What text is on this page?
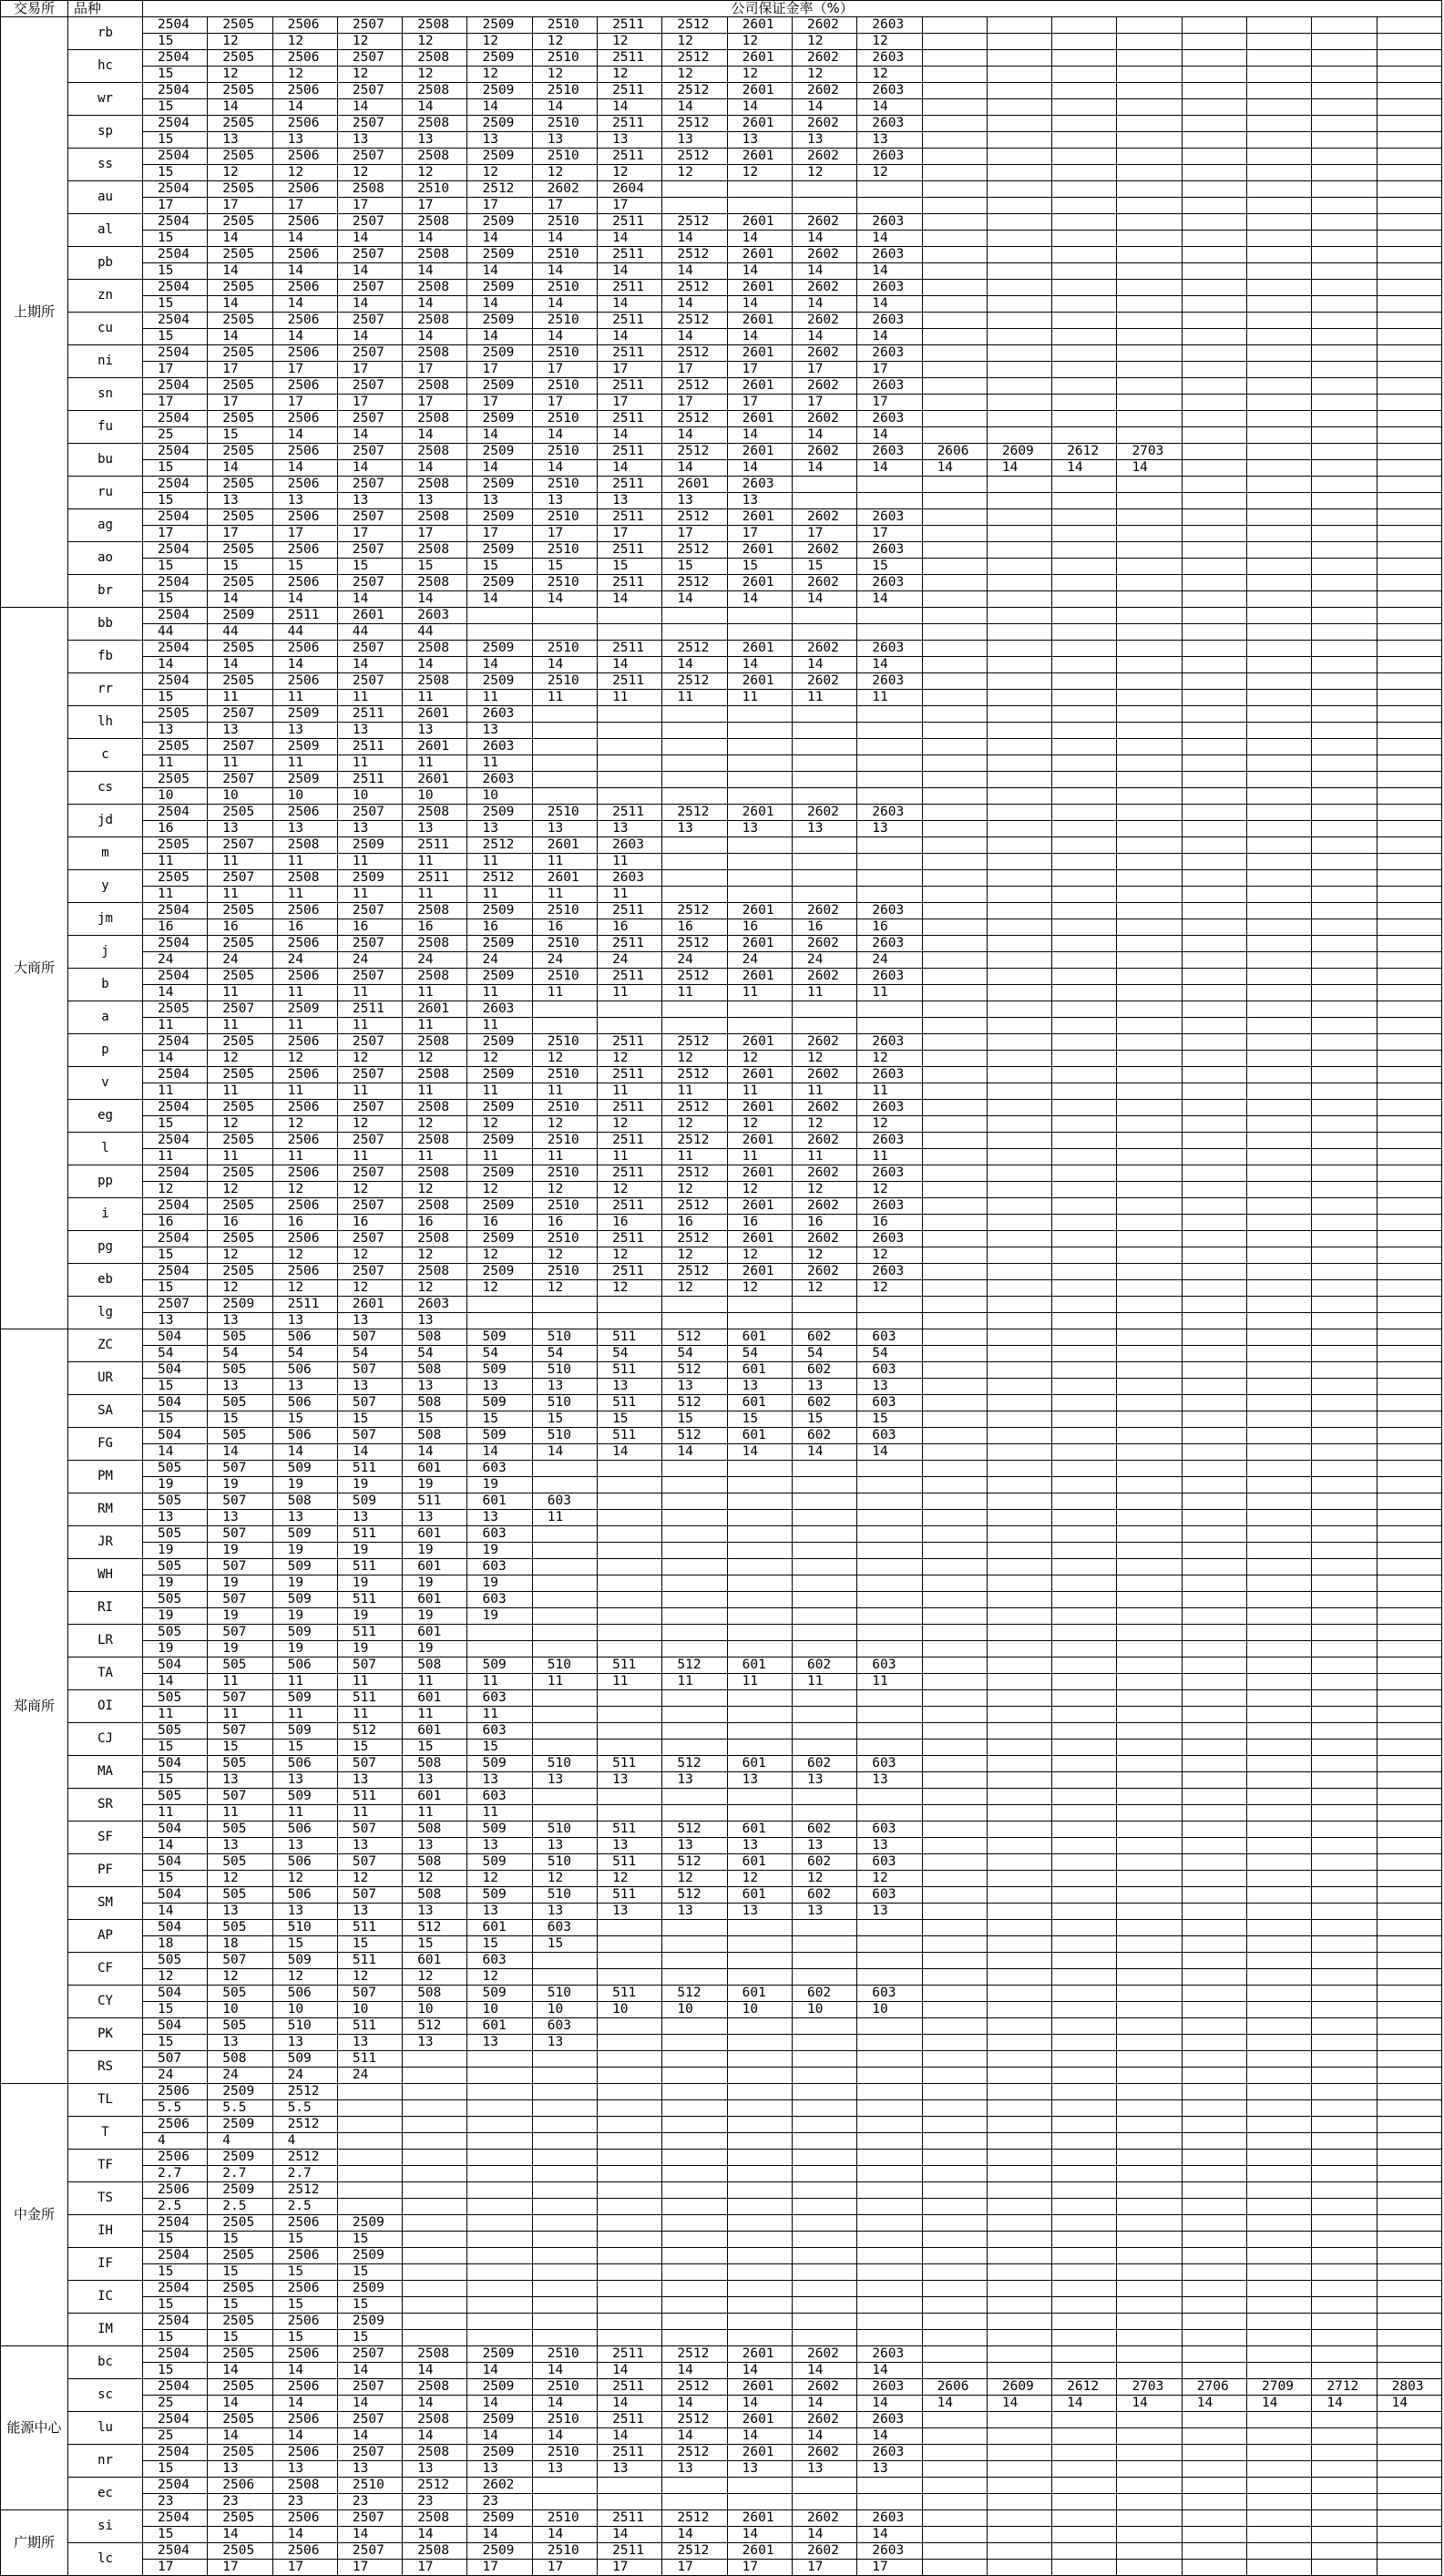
交易所	品种	公司保证金率（%）																			
上期所	rb	2504	2505	2506	2507	2508	2509	2510	2511	2512	2601	2602	2603								
		15	12	12	12	12	12	12	12	12	12	12	12								
	hc	2504	2505	2506	2507	2508	2509	2510	2511	2512	2601	2602	2603								
		15	12	12	12	12	12	12	12	12	12	12	12								
	wr	2504	2505	2506	2507	2508	2509	2510	2511	2512	2601	2602	2603								
		15	14	14	14	14	14	14	14	14	14	14	14								
	sp	2504	2505	2506	2507	2508	2509	2510	2511	2512	2601	2602	2603								
		15	13	13	13	13	13	13	13	13	13	13	13								
	ss	2504	2505	2506	2507	2508	2509	2510	2511	2512	2601	2602	2603								
		15	12	12	12	12	12	12	12	12	12	12	12								
	au	2504	2505	2506	2508	2510	2512	2602	2604												
		17	17	17	17	17	17	17	17												
	al	2504	2505	2506	2507	2508	2509	2510	2511	2512	2601	2602	2603								
		15	14	14	14	14	14	14	14	14	14	14	14								
	pb	2504	2505	2506	2507	2508	2509	2510	2511	2512	2601	2602	2603								
		15	14	14	14	14	14	14	14	14	14	14	14								
	zn	2504	2505	2506	2507	2508	2509	2510	2511	2512	2601	2602	2603								
		15	14	14	14	14	14	14	14	14	14	14	14								
	cu	2504	2505	2506	2507	2508	2509	2510	2511	2512	2601	2602	2603								
		15	14	14	14	14	14	14	14	14	14	14	14								
	ni	2504	2505	2506	2507	2508	2509	2510	2511	2512	2601	2602	2603								
		17	17	17	17	17	17	17	17	17	17	17	17								
	sn	2504	2505	2506	2507	2508	2509	2510	2511	2512	2601	2602	2603								
		17	17	17	17	17	17	17	17	17	17	17	17								
	fu	2504	2505	2506	2507	2508	2509	2510	2511	2512	2601	2602	2603								
		25	15	14	14	14	14	14	14	14	14	14	14								
	bu	2504	2505	2506	2507	2508	2509	2510	2511	2512	2601	2602	2603	2606	2609	2612	2703				
		15	14	14	14	14	14	14	14	14	14	14	14	14	14	14	14				
	ru	2504	2505	2506	2507	2508	2509	2510	2511	2601	2603										
		15	13	13	13	13	13	13	13	13	13										
	ag	2504	2505	2506	2507	2508	2509	2510	2511	2512	2601	2602	2603								
		17	17	17	17	17	17	17	17	17	17	17	17								
	ao	2504	2505	2506	2507	2508	2509	2510	2511	2512	2601	2602	2603								
		15	15	15	15	15	15	15	15	15	15	15	15								
	br	2504	2505	2506	2507	2508	2509	2510	2511	2512	2601	2602	2603								
		15	14	14	14	14	14	14	14	14	14	14	14								
大商所	bb	2504	2509	2511	2601	2603															
		44	44	44	44	44															
	fb	2504	2505	2506	2507	2508	2509	2510	2511	2512	2601	2602	2603								
		14	14	14	14	14	14	14	14	14	14	14	14								
	rr	2504	2505	2506	2507	2508	2509	2510	2511	2512	2601	2602	2603								
		15	11	11	11	11	11	11	11	11	11	11	11								
	lh	2505	2507	2509	2511	2601	2603														
		13	13	13	13	13	13														
	c	2505	2507	2509	2511	2601	2603														
		11	11	11	11	11	11														
	cs	2505	2507	2509	2511	2601	2603														
		10	10	10	10	10	10														
	jd	2504	2505	2506	2507	2508	2509	2510	2511	2512	2601	2602	2603								
		16	13	13	13	13	13	13	13	13	13	13	13								
	m	2505	2507	2508	2509	2511	2512	2601	2603												
		11	11	11	11	11	11	11	11												
	y	2505	2507	2508	2509	2511	2512	2601	2603												
		11	11	11	11	11	11	11	11												
	jm	2504	2505	2506	2507	2508	2509	2510	2511	2512	2601	2602	2603								
		16	16	16	16	16	16	16	16	16	16	16	16								
	j	2504	2505	2506	2507	2508	2509	2510	2511	2512	2601	2602	2603								
		24	24	24	24	24	24	24	24	24	24	24	24								
	b	2504	2505	2506	2507	2508	2509	2510	2511	2512	2601	2602	2603								
		14	11	11	11	11	11	11	11	11	11	11	11								
	a	2505	2507	2509	2511	2601	2603														
		11	11	11	11	11	11														
	p	2504	2505	2506	2507	2508	2509	2510	2511	2512	2601	2602	2603								
		14	12	12	12	12	12	12	12	12	12	12	12								
	v	2504	2505	2506	2507	2508	2509	2510	2511	2512	2601	2602	2603								
		11	11	11	11	11	11	11	11	11	11	11	11								
	eg	2504	2505	2506	2507	2508	2509	2510	2511	2512	2601	2602	2603								
		15	12	12	12	12	12	12	12	12	12	12	12								
	l	2504	2505	2506	2507	2508	2509	2510	2511	2512	2601	2602	2603								
		11	11	11	11	11	11	11	11	11	11	11	11								
	pp	2504	2505	2506	2507	2508	2509	2510	2511	2512	2601	2602	2603								
		12	12	12	12	12	12	12	12	12	12	12	12								
	i	2504	2505	2506	2507	2508	2509	2510	2511	2512	2601	2602	2603								
		16	16	16	16	16	16	16	16	16	16	16	16								
	pg	2504	2505	2506	2507	2508	2509	2510	2511	2512	2601	2602	2603								
		15	12	12	12	12	12	12	12	12	12	12	12								
	eb	2504	2505	2506	2507	2508	2509	2510	2511	2512	2601	2602	2603								
		15	12	12	12	12	12	12	12	12	12	12	12								
	lg	2507	2509	2511	2601	2603															
		13	13	13	13	13															
郑商所	ZC	504	505	506	507	508	509	510	511	512	601	602	603								
		54	54	54	54	54	54	54	54	54	54	54	54								
	UR	504	505	506	507	508	509	510	511	512	601	602	603								
		15	13	13	13	13	13	13	13	13	13	13	13								
	SA	504	505	506	507	508	509	510	511	512	601	602	603								
		15	15	15	15	15	15	15	15	15	15	15	15								
	FG	504	505	506	507	508	509	510	511	512	601	602	603								
		14	14	14	14	14	14	14	14	14	14	14	14								
	PM	505	507	509	511	601	603														
		19	19	19	19	19	19														
	RM	505	507	508	509	511	601	603													
		13	13	13	13	13	13	11													
	JR	505	507	509	511	601	603														
		19	19	19	19	19	19														
	WH	505	507	509	511	601	603														
		19	19	19	19	19	19														
	RI	505	507	509	511	601	603														
		19	19	19	19	19	19														
	LR	505	507	509	511	601															
		19	19	19	19	19															
	TA	504	505	506	507	508	509	510	511	512	601	602	603								
		14	11	11	11	11	11	11	11	11	11	11	11								
	OI	505	507	509	511	601	603														
		11	11	11	11	11	11														
	CJ	505	507	509	512	601	603														
		15	15	15	15	15	15														
	MA	504	505	506	507	508	509	510	511	512	601	602	603								
		15	13	13	13	13	13	13	13	13	13	13	13								
	SR	505	507	509	511	601	603														
		11	11	11	11	11	11														
	SF	504	505	506	507	508	509	510	511	512	601	602	603								
		14	13	13	13	13	13	13	13	13	13	13	13								
	PF	504	505	506	507	508	509	510	511	512	601	602	603								
		15	12	12	12	12	12	12	12	12	12	12	12								
	SM	504	505	506	507	508	509	510	511	512	601	602	603								
		14	13	13	13	13	13	13	13	13	13	13	13								
	AP	504	505	510	511	512	601	603													
		18	18	15	15	15	15	15													
	CF	505	507	509	511	601	603														
		12	12	12	12	12	12														
	CY	504	505	506	507	508	509	510	511	512	601	602	603								
		15	10	10	10	10	10	10	10	10	10	10	10								
	PK	504	505	510	511	512	601	603													
		15	13	13	13	13	13	13													
	RS	507	508	509	511																
		24	24	24	24																
中金所	TL	2506	2509	2512																	
		5.5	5.5	5.5																	
	T	2506	2509	2512																	
		4	4	4																	
	TF	2506	2509	2512																	
		2.7	2.7	2.7																	
	TS	2506	2509	2512																	
		2.5	2.5	2.5																	
	IH	2504	2505	2506	2509																
		15	15	15	15																
	IF	2504	2505	2506	2509																
		15	15	15	15																
	IC	2504	2505	2506	2509																
		15	15	15	15																
	IM	2504	2505	2506	2509																
		15	15	15	15																
能源中心	bc	2504	2505	2506	2507	2508	2509	2510	2511	2512	2601	2602	2603								
		15	14	14	14	14	14	14	14	14	14	14	14								
	sc	2504	2505	2506	2507	2508	2509	2510	2511	2512	2601	2602	2603	2606	2609	2612	2703	2706	2709	2712	2803
		25	14	14	14	14	14	14	14	14	14	14	14	14	14	14	14	14	14	14	14
	lu	2504	2505	2506	2507	2508	2509	2510	2511	2512	2601	2602	2603								
		25	14	14	14	14	14	14	14	14	14	14	14								
	nr	2504	2505	2506	2507	2508	2509	2510	2511	2512	2601	2602	2603								
		15	13	13	13	13	13	13	13	13	13	13	13								
	ec	2504	2506	2508	2510	2512	2602														
		23	23	23	23	23	23														
广期所	si	2504	2505	2506	2507	2508	2509	2510	2511	2512	2601	2602	2603								
		15	14	14	14	14	14	14	14	14	14	14	14								
	lc	2504	2505	2506	2507	2508	2509	2510	2511	2512	2601	2602	2603								
		17	17	17	17	17	17	17	17	17	17	17	17								
